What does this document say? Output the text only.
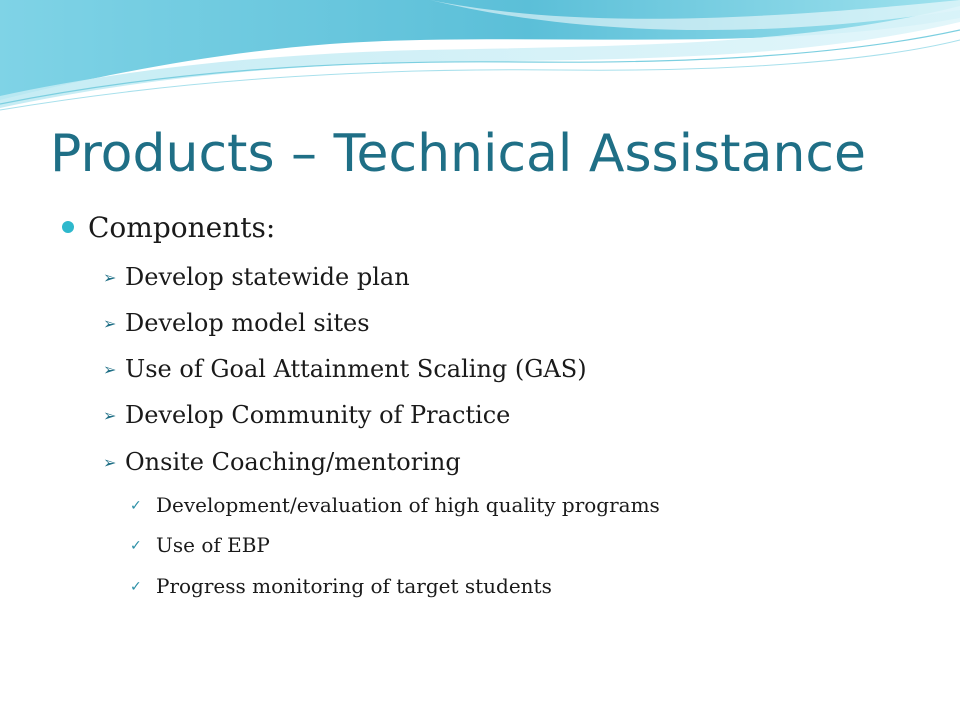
Products – Technical Assistance
Components:
➢ Develop statewide plan
➢ Develop model sites
➢ Use of Goal Attainment Scaling (GAS)
➢ Develop Community of Practice
➢ Onsite Coaching/mentoring
✓ Development/evaluation of high quality programs
✓ Use of EBP
✓ Progress monitoring of target students
